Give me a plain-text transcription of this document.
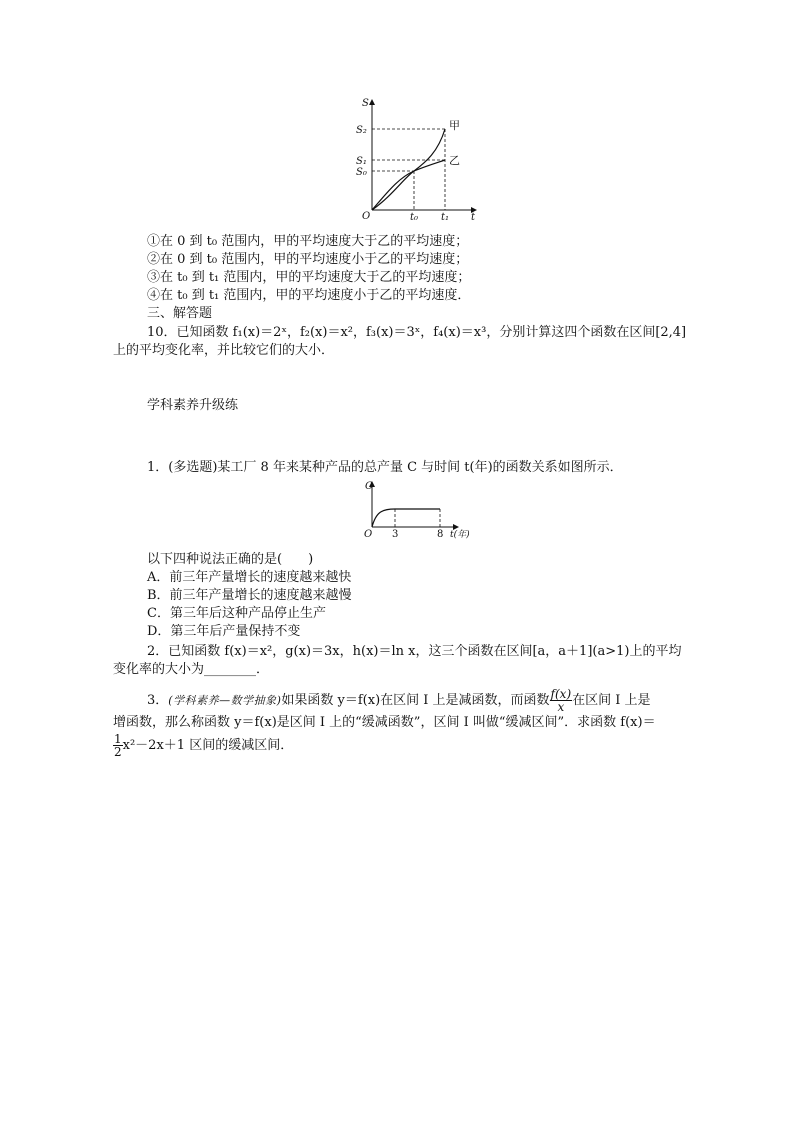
S
t
O
S₂
S₁
S₀
t₀ t₁
甲
乙
C
O 3	8 t(年)
①在 0 到 t₀ 范围内，甲的平均速度大于乙的平均速度；
②在 0 到 t₀ 范围内，甲的平均速度小于乙的平均速度；
③在 t₀ 到 t₁ 范围内，甲的平均速度大于乙的平均速度；
④在 t₀ 到 t₁ 范围内，甲的平均速度小于乙的平均速度．
三、解答题
10．已知函数 f₁(x)＝2ˣ，f₂(x)＝x²，f₃(x)＝3ˣ，f₄(x)＝x³，分别计算这四个函数在区间[2,4]
上的平均变化率，并比较它们的大小．
学科素养升级练
1．(多选题)某工厂 8 年来某种产品的总产量 C 与时间 t(年)的函数关系如图所示．
以下四种说法正确的是(　　)
A．前三年产量增长的速度越来越快
B．前三年产量增长的速度越来越慢
C．第三年后这种产品停止生产
D．第三年后产量保持不变
2．已知函数 f(x)＝x²，g(x)＝3x，h(x)＝ln x，这三个函数在区间[a，a＋1](a>1)上的平均
变化率的大小为________．
3．(学科素养—数学抽象)如果函数 y＝f(x)在区间 I 上是减函数，而函数 $\frac{f(x)}{x}$ 在区间 I 上是
增函数，那么称函数 y＝f(x)是区间 I 上的“缓减函数”，区间 I 叫做“缓减区间”．求函数 f(x)＝
$\frac{1}{2} x^2-2x+1$ 区间的缓减区间．
